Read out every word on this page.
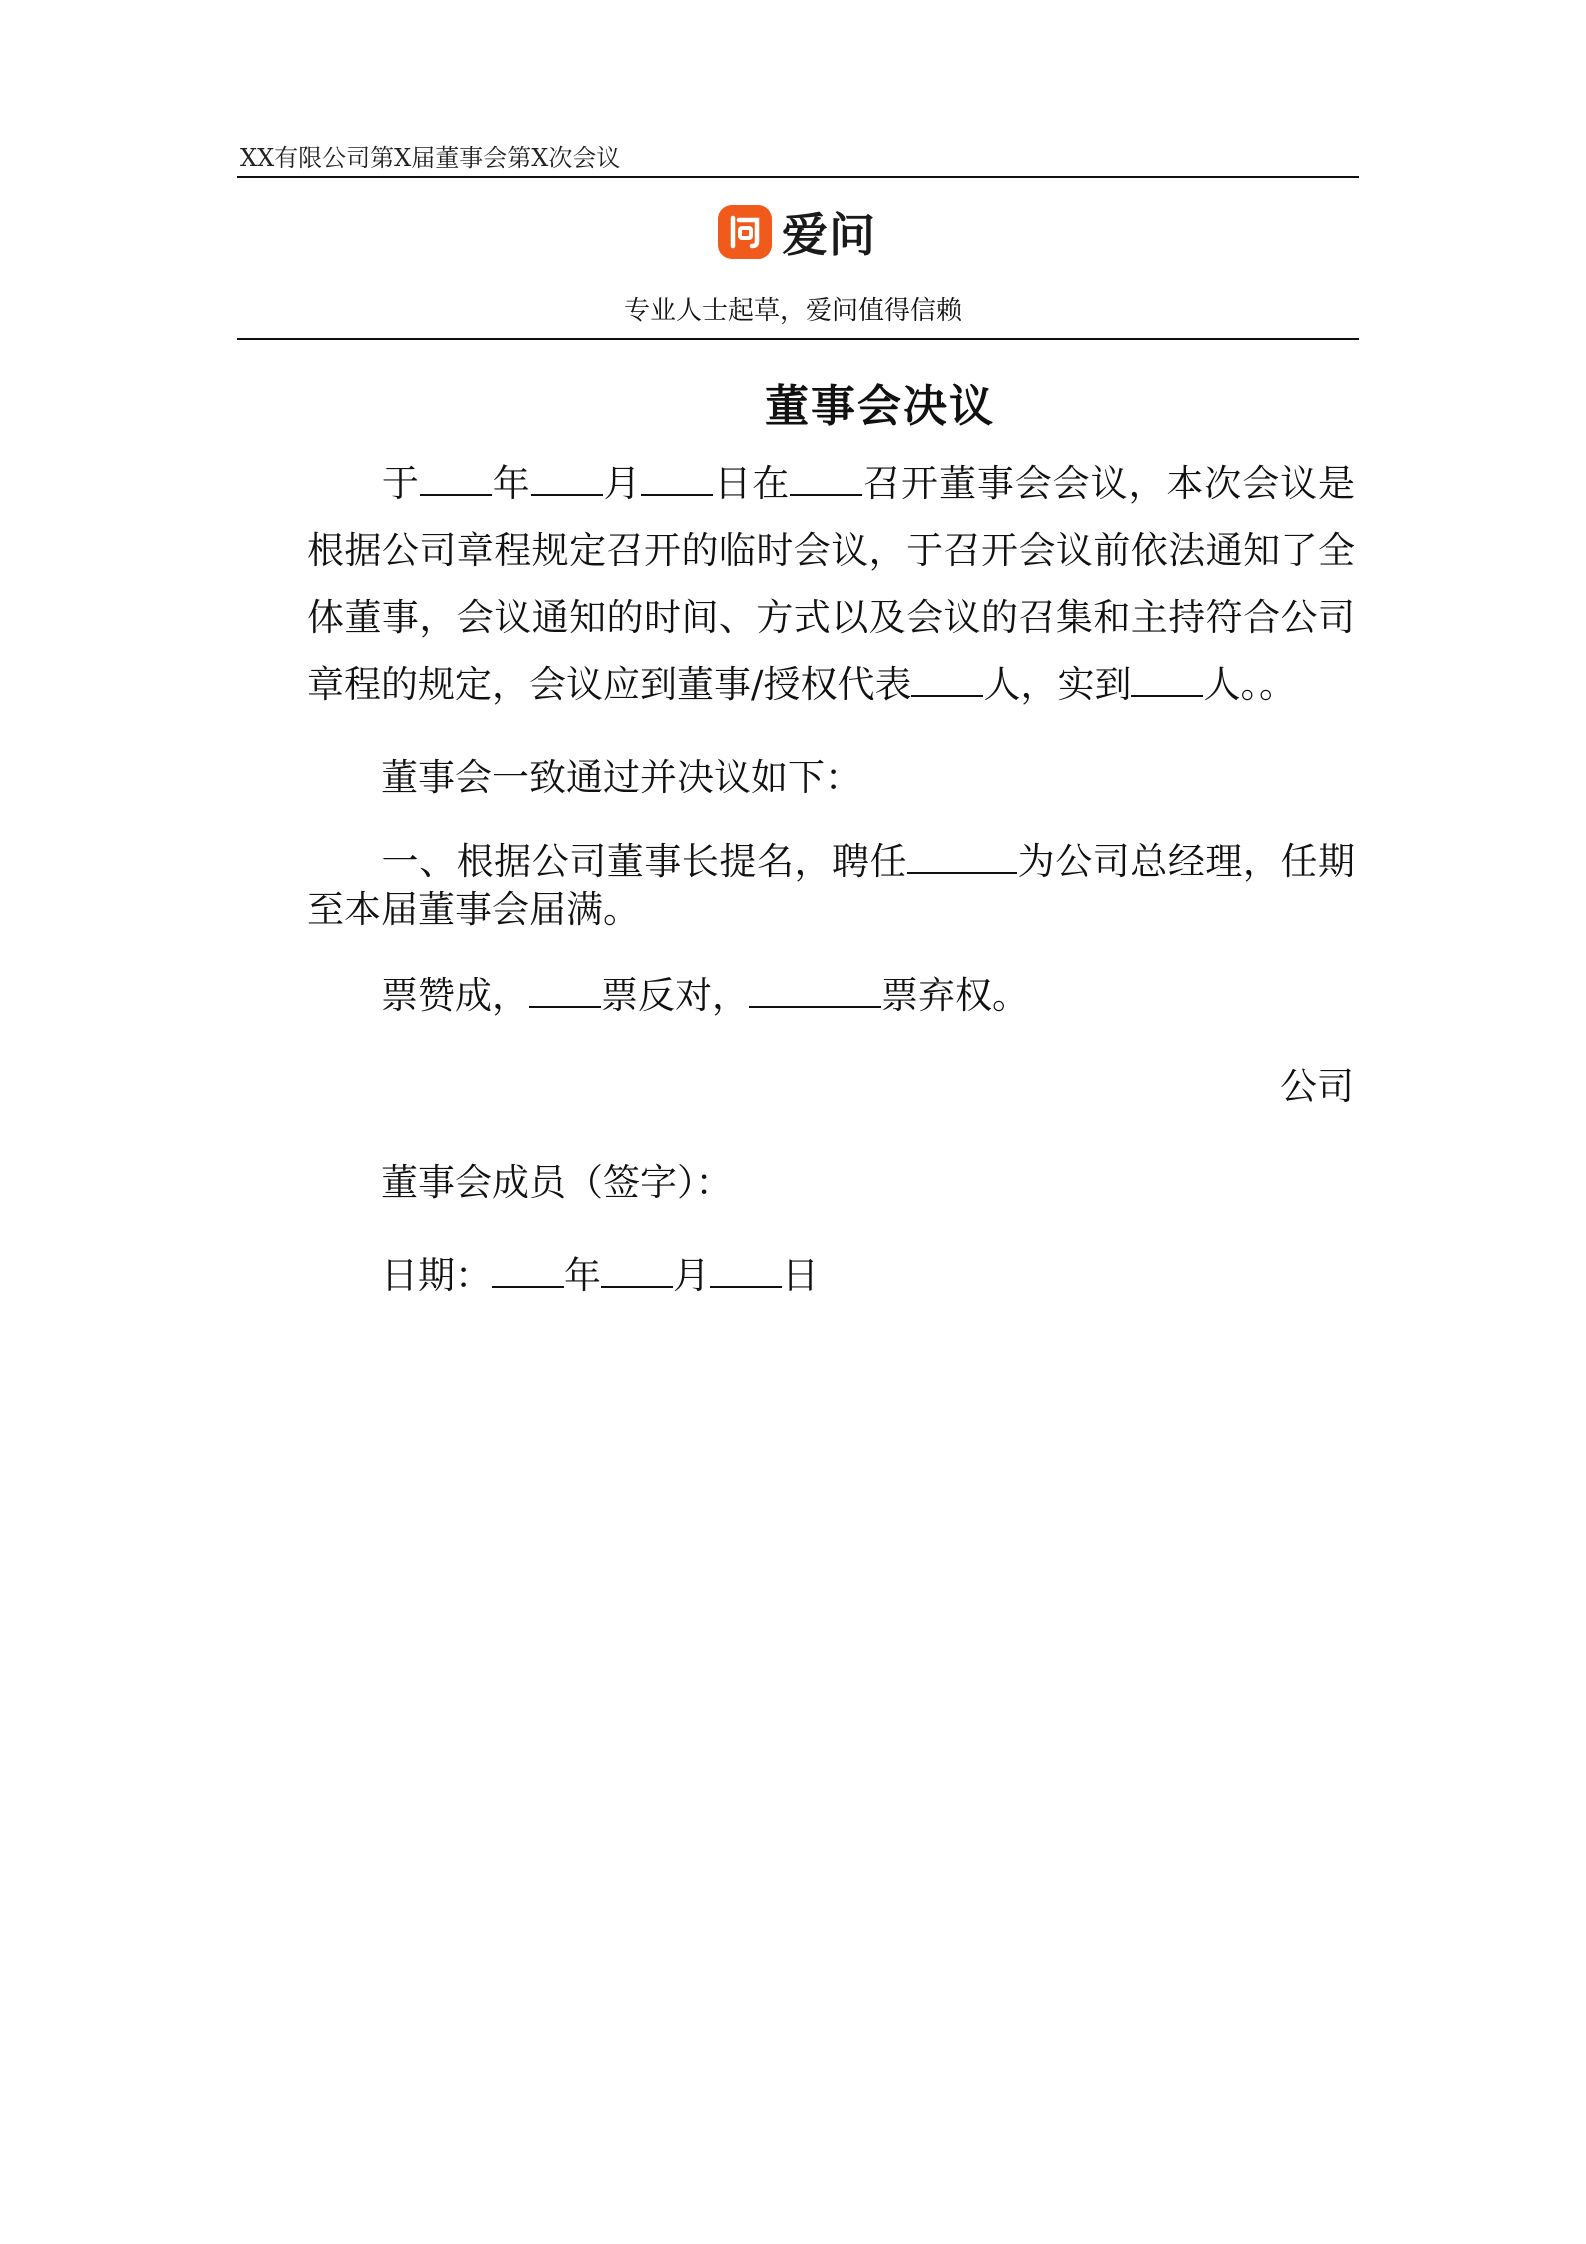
XX有限公司第X届董事会第X次会议
爱问
专业人士起草，爱问值得信赖
董事会决议
于 年 月 日在 召开董事会会议，本次会议是根据公司章程规定召开的临时会议，于召开会议前依法通知了全体董事，会议通知的时间、方式以及会议的召集和主持符合公司章程的规定，会议应到董事/授权代表 人，实到 人。。
董事会一致通过并决议如下：
一、根据公司董事长提名，聘任	为公司总经理，任期至本届董事会届满。
票赞成， 票反对，	票弃权。
公司
董事会成员（签字）：
日期： 年 月 日
